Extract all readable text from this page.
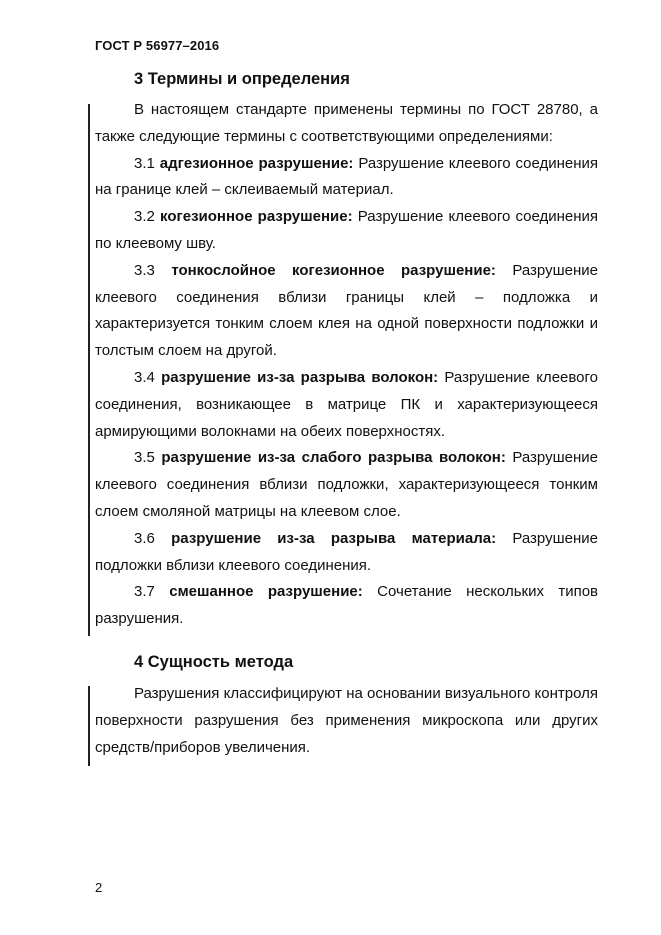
ГОСТ Р 56977–2016
3 Термины и определения

В настоящем стандарте применены термины по ГОСТ 28780, а также следующие термины с соответствующими определениями:

3.1 адгезионное разрушение: Разрушение клеевого соединения на границе клей – склеиваемый материал.

3.2 когезионное разрушение: Разрушение клеевого соединения по клеевому шву.

3.3 тонкослойное когезионное разрушение: Разрушение клеевого соединения вблизи границы клей – подложка и характеризуется тонким слоем клея на одной поверхности подложки и толстым слоем на другой.

3.4 разрушение из-за разрыва волокон: Разрушение клеевого соединения, возникающее в матрице ПК и характеризующееся армирующими волокнами на обеих поверхностях.

3.5 разрушение из-за слабого разрыва волокон: Разрушение клеевого соединения вблизи подложки, характеризующееся тонким слоем смоляной матрицы на клеевом слое.

3.6 разрушение из-за разрыва материала: Разрушение подложки вблизи клеевого соединения.

3.7 смешанное разрушение: Сочетание нескольких типов разрушения.

4 Сущность метода

Разрушения классифицируют на основании визуального контроля поверхности разрушения без применения микроскопа или других средств/приборов увеличения.

2
